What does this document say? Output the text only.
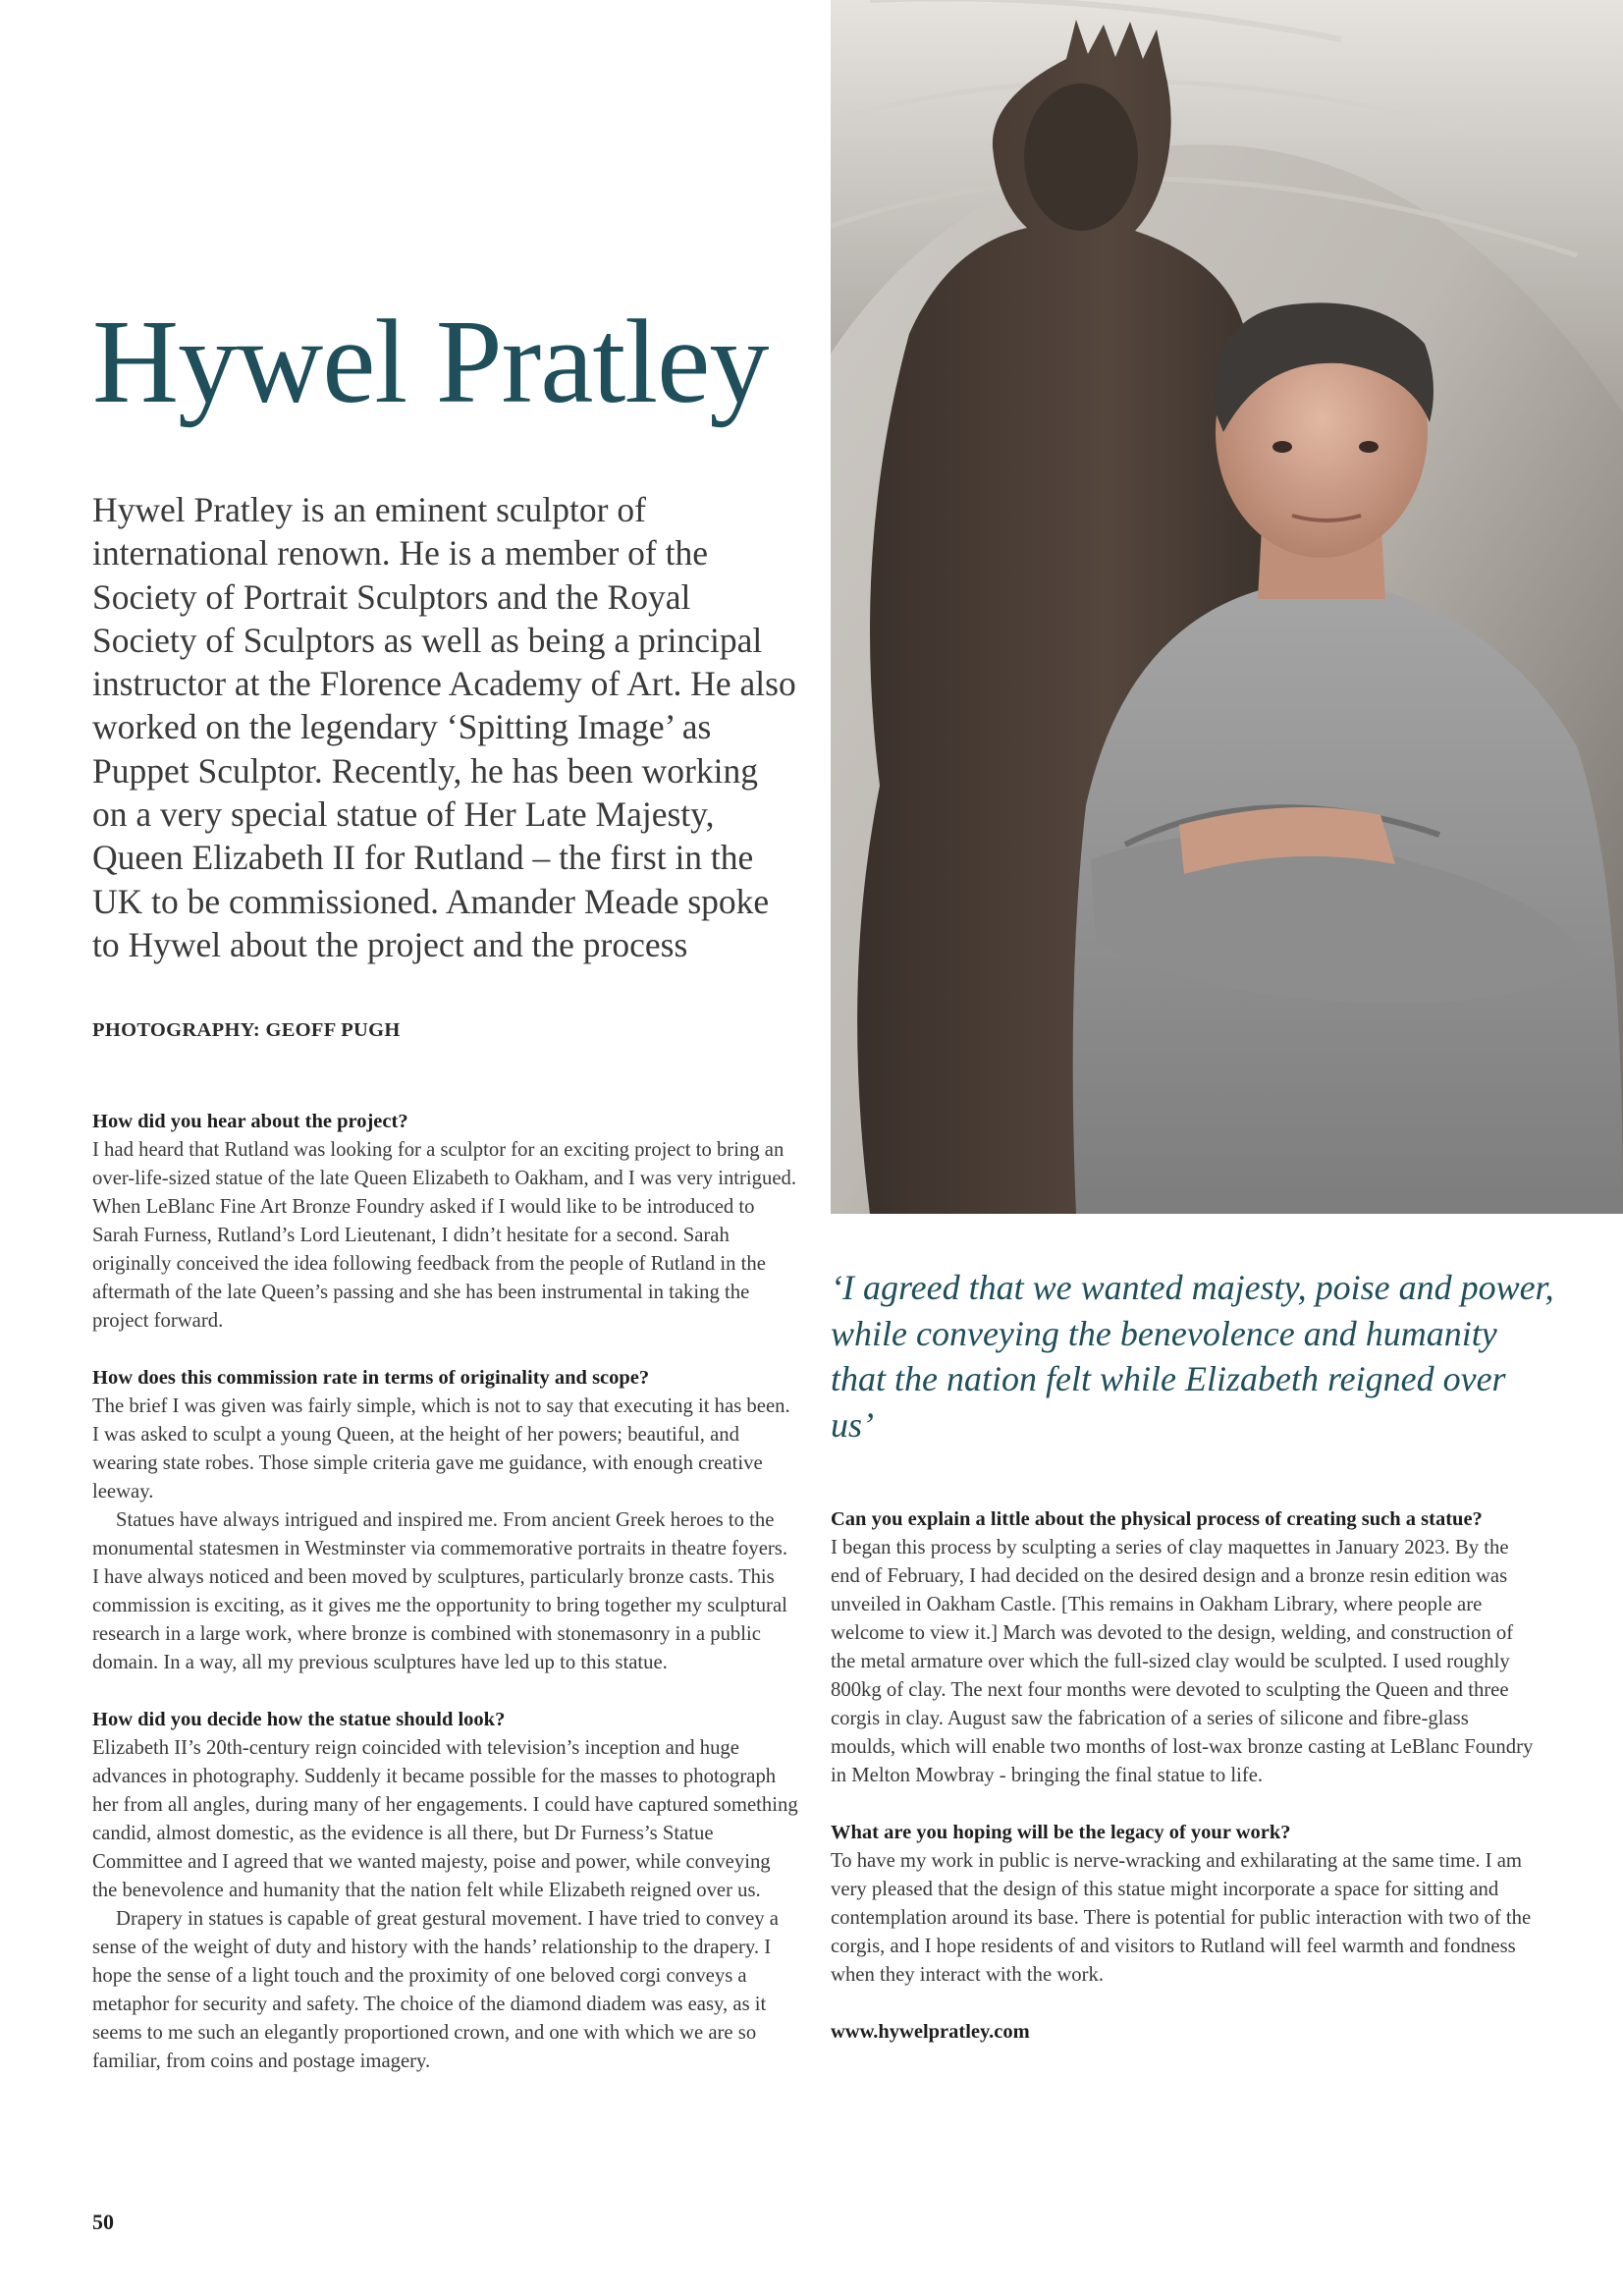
Hywel Pratley

Hywel Pratley is an eminent sculptor of international renown. He is a member of the Society of Portrait Sculptors and the Royal Society of Sculptors as well as being a principal instructor at the Florence Academy of Art. He also worked on the legendary ‘Spitting Image’ as Puppet Sculptor. Recently, he has been working on a very special statue of Her Late Majesty, Queen Elizabeth II for Rutland – the first in the UK to be commissioned. Amander Meade spoke to Hywel about the project and the process

PHOTOGRAPHY: GEOFF PUGH

How did you hear about the project?

I had heard that Rutland was looking for a sculptor for an exciting project to bring an over-life-sized statue of the late Queen Elizabeth to Oakham, and I was very intrigued. When LeBlanc Fine Art Bronze Foundry asked if I would like to be introduced to Sarah Furness, Rutland’s Lord Lieutenant, I didn’t hesitate for a second. Sarah originally conceived the idea following feedback from the people of Rutland in the aftermath of the late Queen’s passing and she has been instrumental in taking the project forward.

How does this commission rate in terms of originality and scope?

The brief I was given was fairly simple, which is not to say that executing it has been. I was asked to sculpt a young Queen, at the height of her powers; beautiful, and wearing state robes. Those simple criteria gave me guidance, with enough creative leeway.

Statues have always intrigued and inspired me. From ancient Greek heroes to the monumental statesmen in Westminster via commemorative portraits in theatre foyers. I have always noticed and been moved by sculptures, particularly bronze casts. This commission is exciting, as it gives me the opportunity to bring together my sculptural research in a large work, where bronze is combined with stonemasonry in a public domain. In a way, all my previous sculptures have led up to this statue.

How did you decide how the statue should look?

Elizabeth II’s 20th-century reign coincided with television’s inception and huge advances in photography. Suddenly it became possible for the masses to photograph her from all angles, during many of her engagements. I could have captured something candid, almost domestic, as the evidence is all there, but Dr Furness’s Statue Committee and I agreed that we wanted majesty, poise and power, while conveying the benevolence and humanity that the nation felt while Elizabeth reigned over us.

Drapery in statues is capable of great gestural movement. I have tried to convey a sense of the weight of duty and history with the hands’ relationship to the drapery. I hope the sense of a light touch and the proximity of one beloved corgi conveys a metaphor for security and safety. The choice of the diamond diadem was easy, as it seems to me such an elegantly proportioned crown, and one with which we are so familiar, from coins and postage imagery.

‘I agreed that we wanted majesty, poise and power, while conveying the benevolence and humanity that the nation felt while Elizabeth reigned over us’

Can you explain a little about the physical process of creating such a statue?

I began this process by sculpting a series of clay maquettes in January 2023. By the end of February, I had decided on the desired design and a bronze resin edition was unveiled in Oakham Castle. [This remains in Oakham Library, where people are welcome to view it.] March was devoted to the design, welding, and construction of the metal armature over which the full-sized clay would be sculpted. I used roughly 800kg of clay. The next four months were devoted to sculpting the Queen and three corgis in clay. August saw the fabrication of a series of silicone and fibre-glass moulds, which will enable two months of lost-wax bronze casting at LeBlanc Foundry in Melton Mowbray - bringing the final statue to life.

What are you hoping will be the legacy of your work?

To have my work in public is nerve-wracking and exhilarating at the same time. I am very pleased that the design of this statue might incorporate a space for sitting and contemplation around its base. There is potential for public interaction with two of the corgis, and I hope residents of and visitors to Rutland will feel warmth and fondness when they interact with the work.

www.hywelpratley.com

50
